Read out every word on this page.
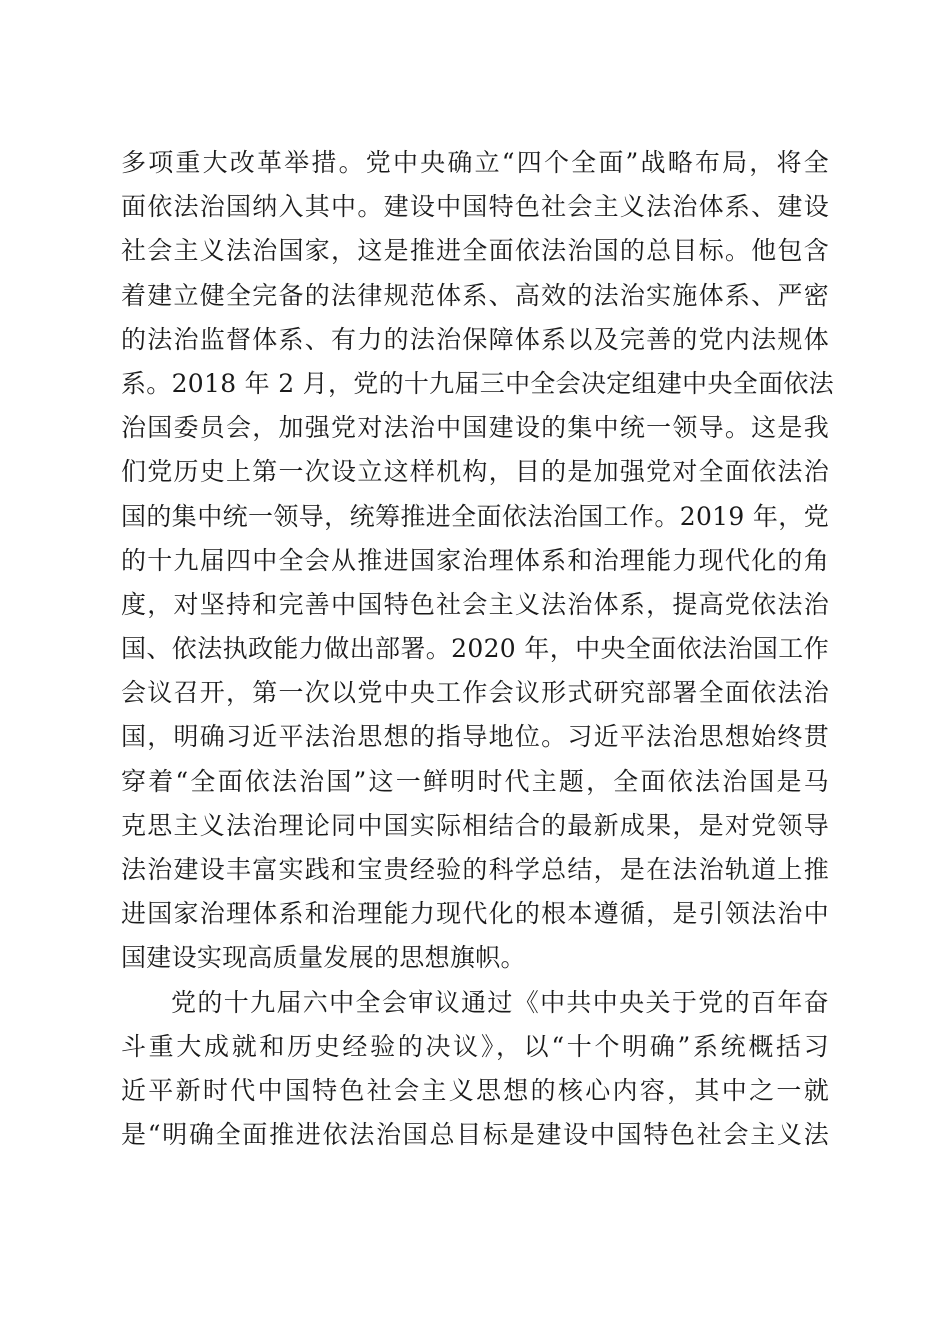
多项重大改革举措。党中央确立“四个全面”战略布局，将全
面依法治国纳入其中。建设中国特色社会主义法治体系、建设
社会主义法治国家，这是推进全面依法治国的总目标。他包含
着建立健全完备的法律规范体系、高效的法治实施体系、严密
的法治监督体系、有力的法治保障体系以及完善的党内法规体
系。2018 年 2 月，党的十九届三中全会决定组建中央全面依法
治国委员会，加强党对法治中国建设的集中统一领导。这是我
们党历史上第一次设立这样机构，目的是加强党对全面依法治
国的集中统一领导，统筹推进全面依法治国工作。2019 年，党
的十九届四中全会从推进国家治理体系和治理能力现代化的角
度，对坚持和完善中国特色社会主义法治体系，提高党依法治
国、依法执政能力做出部署。2020 年，中央全面依法治国工作
会议召开，第一次以党中央工作会议形式研究部署全面依法治
国，明确习近平法治思想的指导地位。习近平法治思想始终贯
穿着“全面依法治国”这一鲜明时代主题，全面依法治国是马
克思主义法治理论同中国实际相结合的最新成果，是对党领导
法治建设丰富实践和宝贵经验的科学总结，是在法治轨道上推
进国家治理体系和治理能力现代化的根本遵循，是引领法治中
国建设实现高质量发展的思想旗帜。
党的十九届六中全会审议通过《中共中央关于党的百年奋
斗重大成就和历史经验的决议》，以“十个明确”系统概括习
近平新时代中国特色社会主义思想的核心内容，其中之一就
是“明确全面推进依法治国总目标是建设中国特色社会主义法
